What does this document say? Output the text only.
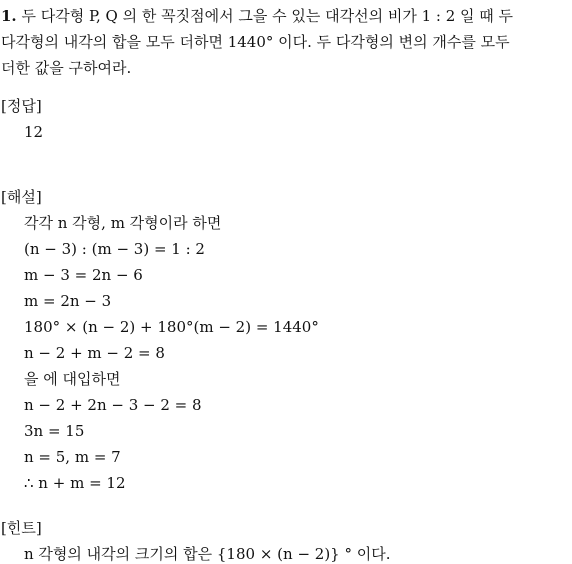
1. 두 다각형 P, Q 의 한 꼭짓점에서 그을 수 있는 대각선의 비가 1 : 2 일 때 두
다각형의 내각의 합을 모두 더하면 1440° 이다. 두 다각형의 변의 개수를 모두
더한 값을 구하여라.
[정답]
12
[해설]
각각 n 각형, m 각형이라 하면
(n − 3) : (m − 3) = 1 : 2
m − 3 = 2n − 6
m = 2n − 3
180° × (n − 2) + 180°(m − 2) = 1440°
n − 2 + m − 2 = 8
을 에 대입하면
n − 2 + 2n − 3 − 2 = 8
3n = 15
n = 5, m = 7
∴ n + m = 12
[힌트]
n 각형의 내각의 크기의 합은 {180 × (n − 2)} ° 이다.
